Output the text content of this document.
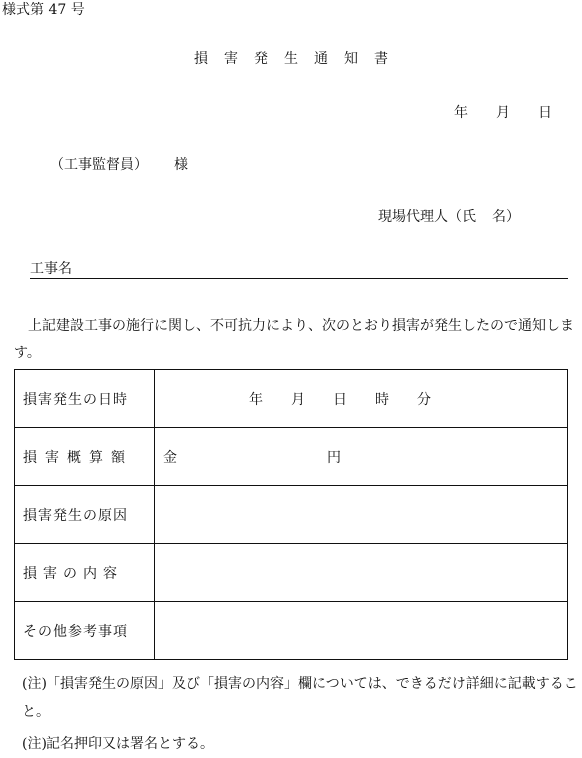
様式第 47 号
損 害 発 生 通 知 書
年 月 日
（工事監督員） 様
現場代理人（氏 名）
工事名
上記建設工事の施行に関し、不可抗力により、次のとおり損害が発生したので通知します。
損害発生の日時	年 月 日 時 分

損害概算額	金 円

損害発生の原因	
損害の内容	
その他参考事項	
(注)「損害発生の原因」及び「損害の内容」欄については、できるだけ詳細に記載すること。
(注)記名押印又は署名とする。
